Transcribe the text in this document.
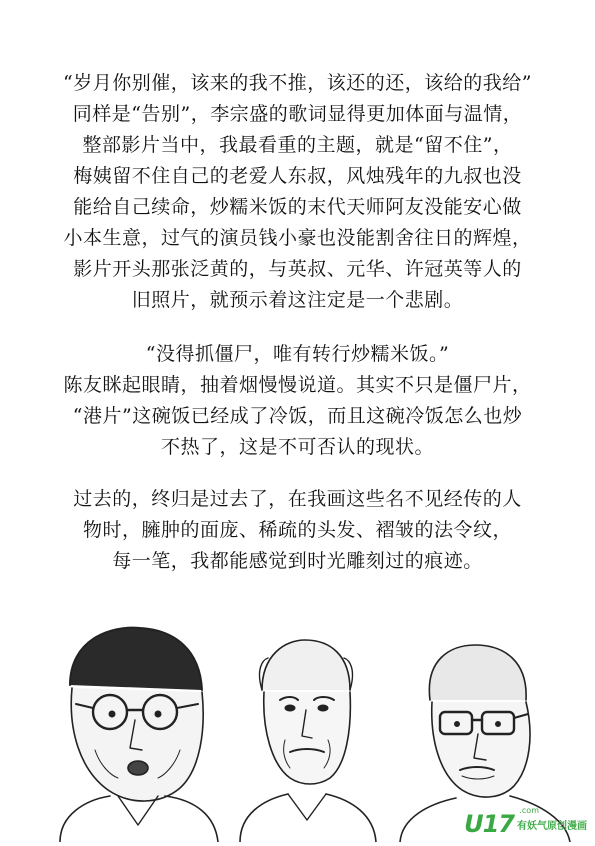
“岁月你别催，该来的我不推，该还的还，该给的我给”
同样是“告别”，李宗盛的歌词显得更加体面与温情，
整部影片当中，我最看重的主题，就是“留不住”，
梅姨留不住自己的老爱人东叔，风烛残年的九叔也没
能给自己续命，炒糯米饭的末代天师阿友没能安心做
小本生意，过气的演员钱小豪也没能割舍往日的辉煌，
影片开头那张泛黄的，与英叔、元华、许冠英等人的
旧照片，就预示着这注定是一个悲剧。
“没得抓僵尸，唯有转行炒糯米饭。”
陈友眯起眼睛，抽着烟慢慢说道。其实不只是僵尸片，
“港片”这碗饭已经成了冷饭，而且这碗冷饭怎么也炒
不热了，这是不可否认的现状。
过去的，终归是过去了，在我画这些名不见经传的人
物时，臃肿的面庞、稀疏的头发、褶皱的法令纹，
每一笔，我都能感觉到时光雕刻过的痕迹。
.com
U17 有妖气原创漫画
